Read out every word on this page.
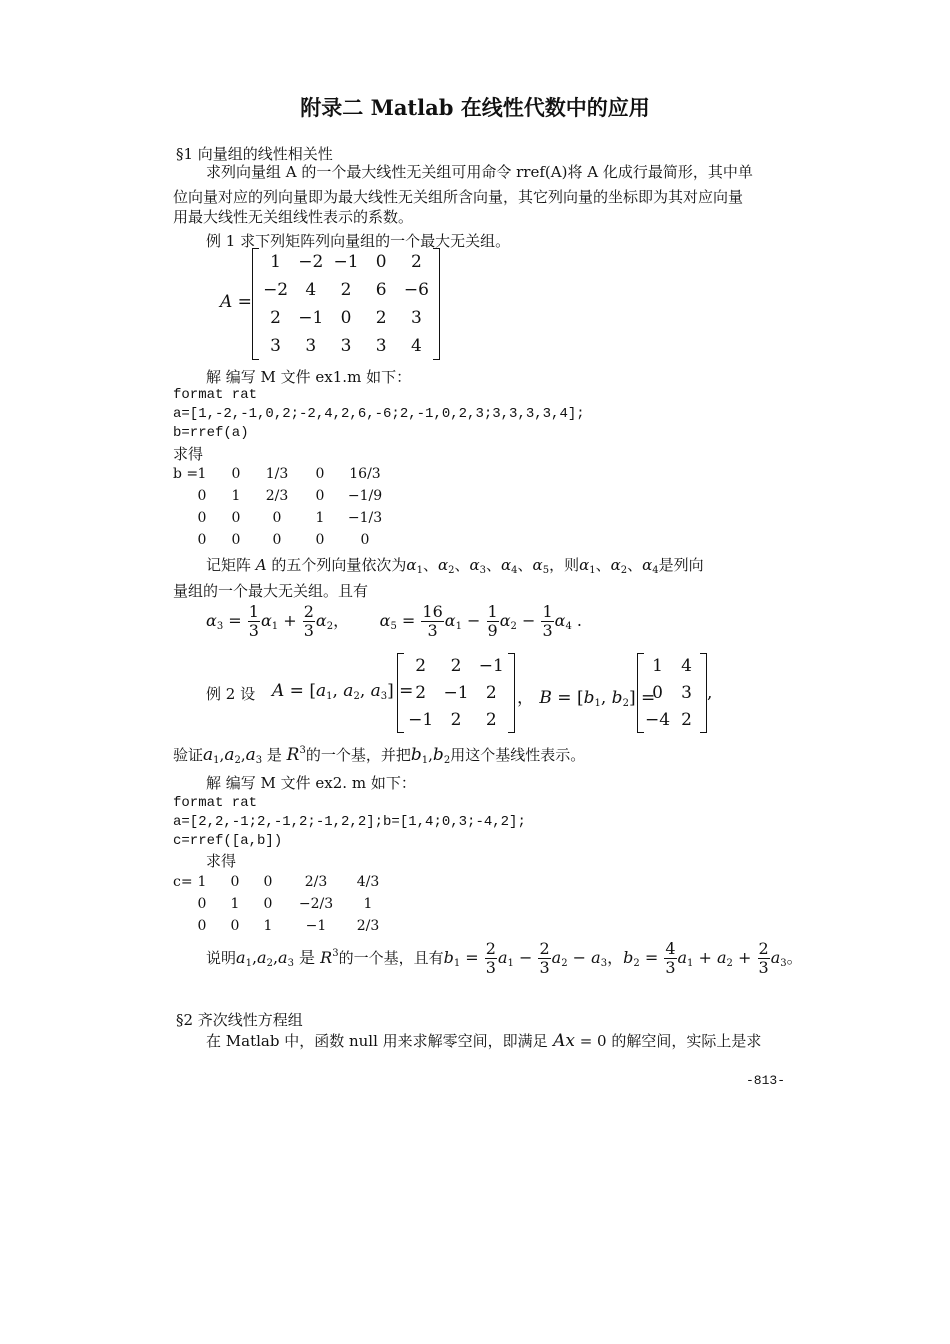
附录二 Matlab 在线性代数中的应用
§1 向量组的线性相关性
求列向量组 A 的一个最大线性无关组可用命令 rref(A)将 A 化成行最简形，其中单
位向量对应的列向量即为最大线性无关组所含向量，其它列向量的坐标即为其对应向量
用最大线性无关组线性表示的系数。
例 1 求下列矩阵列向量组的一个最大无关组。
A =
1	−2 −1	0	2
−2	4	2	6	−6
2	−1	0	2	3
3	3	3	3	4
解 编写 M 文件 ex1.m 如下：
format rat
a=[1,-2,-1,0,2;-2,4,2,6,-6;2,-1,0,2,3;3,3,3,3,4];
b=rref(a)
求得
b = 1	0	1/3	0	16/3
0	1	2/3	0	−1/9
0	0	0	1	−1/3
0	0	0	0	0
记矩阵 A 的五个列向量依次为$\alpha_1$、$\alpha_2$、$\alpha_3$、$\alpha_4$、$\alpha_5$，则$\alpha_1$、$\alpha_2$、$\alpha_4$是列向
量组的一个最大无关组。且有
$\alpha_3 = \frac{1}{3} \alpha_1 + \frac{2}{3} \alpha_2$，      $\alpha_5 = \frac{16}{3} \alpha_1 - \frac{1}{9} \alpha_2 - \frac{1}{3} \alpha_4$ .
例 2 设 $A = [a_1$, $a_2$, $a_3$] =
2	2	−1
2	−1	2
−1	2	2
， $B = [b_1$, $b_2$] =
1	4
0	3
−4 2
,
验证$a_1,a_2,a_3$ 是 $R^3$的一个基，并把$b_1,b_2$用这个基线性表示。
解 编写 M 文件 ex2. m 如下：
format rat
a=[2,2,-1;2,-1,2;-1,2,2];b=[1,4;0,3;-4,2];
c=rref([a,b])
求得
c= 1	0	0	2/3	4/3
0	1	0	−2/3	1
0	0	1	−1	2/3
说明$a_1,a_2,a_3$ 是 $R^3$的一个基，且有$b_1 = \frac{2}{3} a_1 - \frac{2}{3} a_2 - a_3$，$b_2 = \frac{4}{3} a_1 + a_2 + \frac{2}{3} a_3$。
§2 齐次线性方程组
在 Matlab 中，函数 null 用来求解零空间，即满足 Ax = 0 的解空间，实际上是求
-813-
